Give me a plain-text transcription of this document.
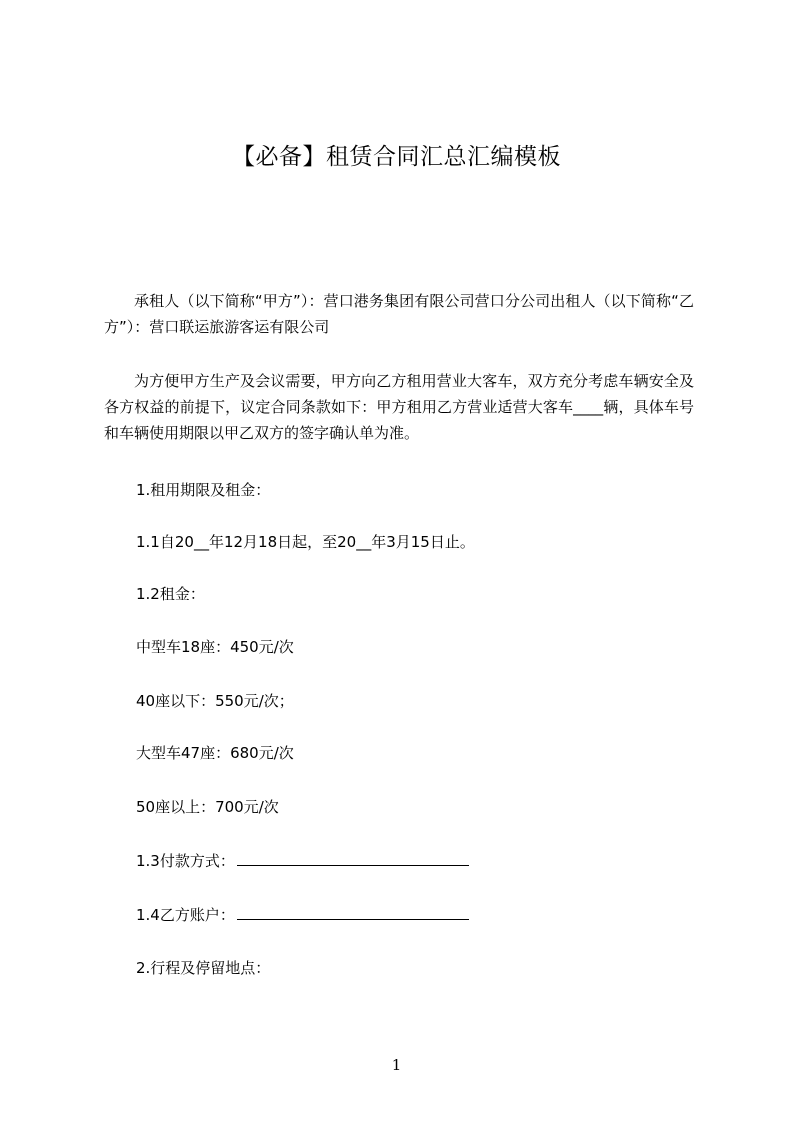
【必备】租赁合同汇总汇编模板

承租人（以下简称“甲方”）：营口港务集团有限公司营口分公司出租人（以下简称“乙方”）：营口联运旅游客运有限公司

为方便甲方生产及会议需要，甲方向乙方租用营业大客车，双方充分考虑车辆安全及各方权益的前提下，议定合同条款如下：甲方租用乙方营业适营大客车____辆，具体车号和车辆使用期限以甲乙双方的签字确认单为准。

1.租用期限及租金：
1.1自20__年12月18日起，至20__年3月15日止。
1.2租金：
中型车18座：450元/次
40座以下：550元/次；
大型车47座：680元/次
50座以上：700元/次
1.3付款方式：
1.4乙方账户：
2.行程及停留地点：
1
